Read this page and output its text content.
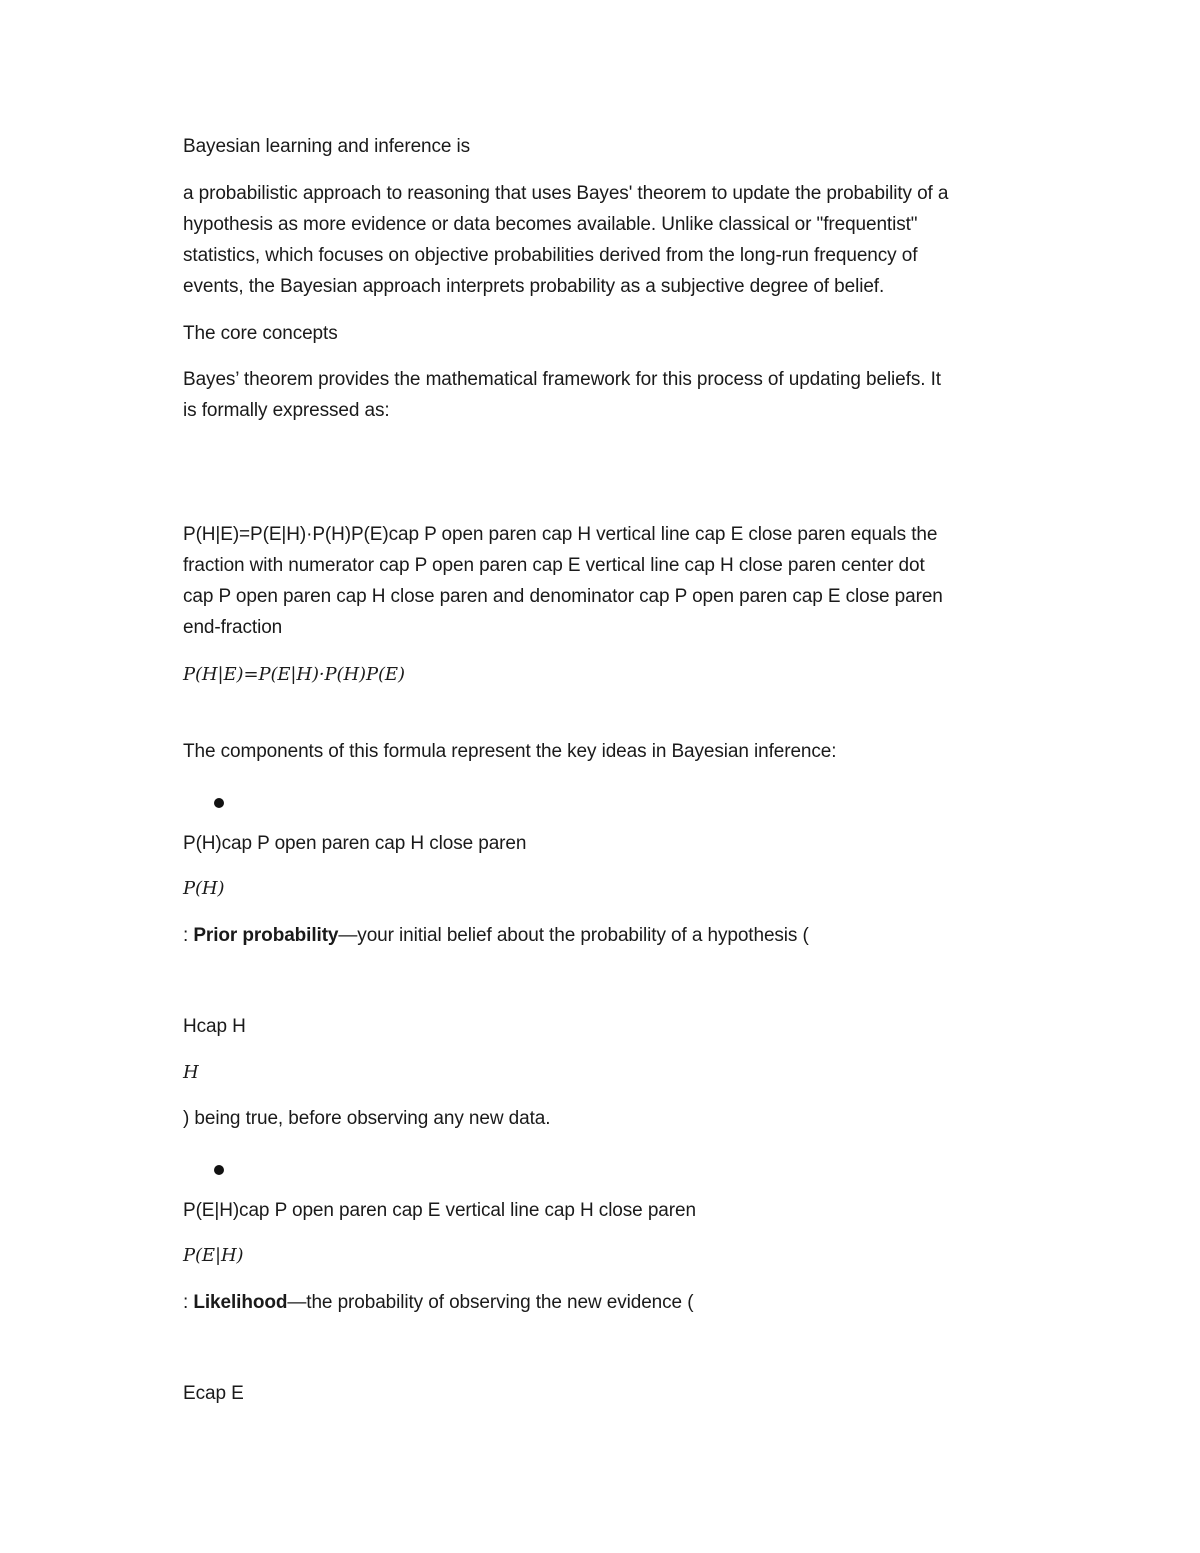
Bayesian learning and inference is
a probabilistic approach to reasoning that uses Bayes' theorem to update the probability of a
hypothesis as more evidence or data becomes available. Unlike classical or "frequentist"
statistics, which focuses on objective probabilities derived from the long-run frequency of
events, the Bayesian approach interprets probability as a subjective degree of belief.
The core concepts
Bayes’ theorem provides the mathematical framework for this process of updating beliefs. It
is formally expressed as:
P(H|E)=P(E|H)·P(H)P(E)cap P open paren cap H vertical line cap E close paren equals the
fraction with numerator cap P open paren cap E vertical line cap H close paren center dot
cap P open paren cap H close paren and denominator cap P open paren cap E close paren
end-fraction
P(H|E)=P(E|H)·P(H)P(E)
The components of this formula represent the key ideas in Bayesian inference:
P(H)cap P open paren cap H close paren
P(H)
: Prior probability—your initial belief about the probability of a hypothesis (
Hcap H
H
) being true, before observing any new data.
P(E|H)cap P open paren cap E vertical line cap H close paren
P(E|H)
: Likelihood—the probability of observing the new evidence (
Ecap E
